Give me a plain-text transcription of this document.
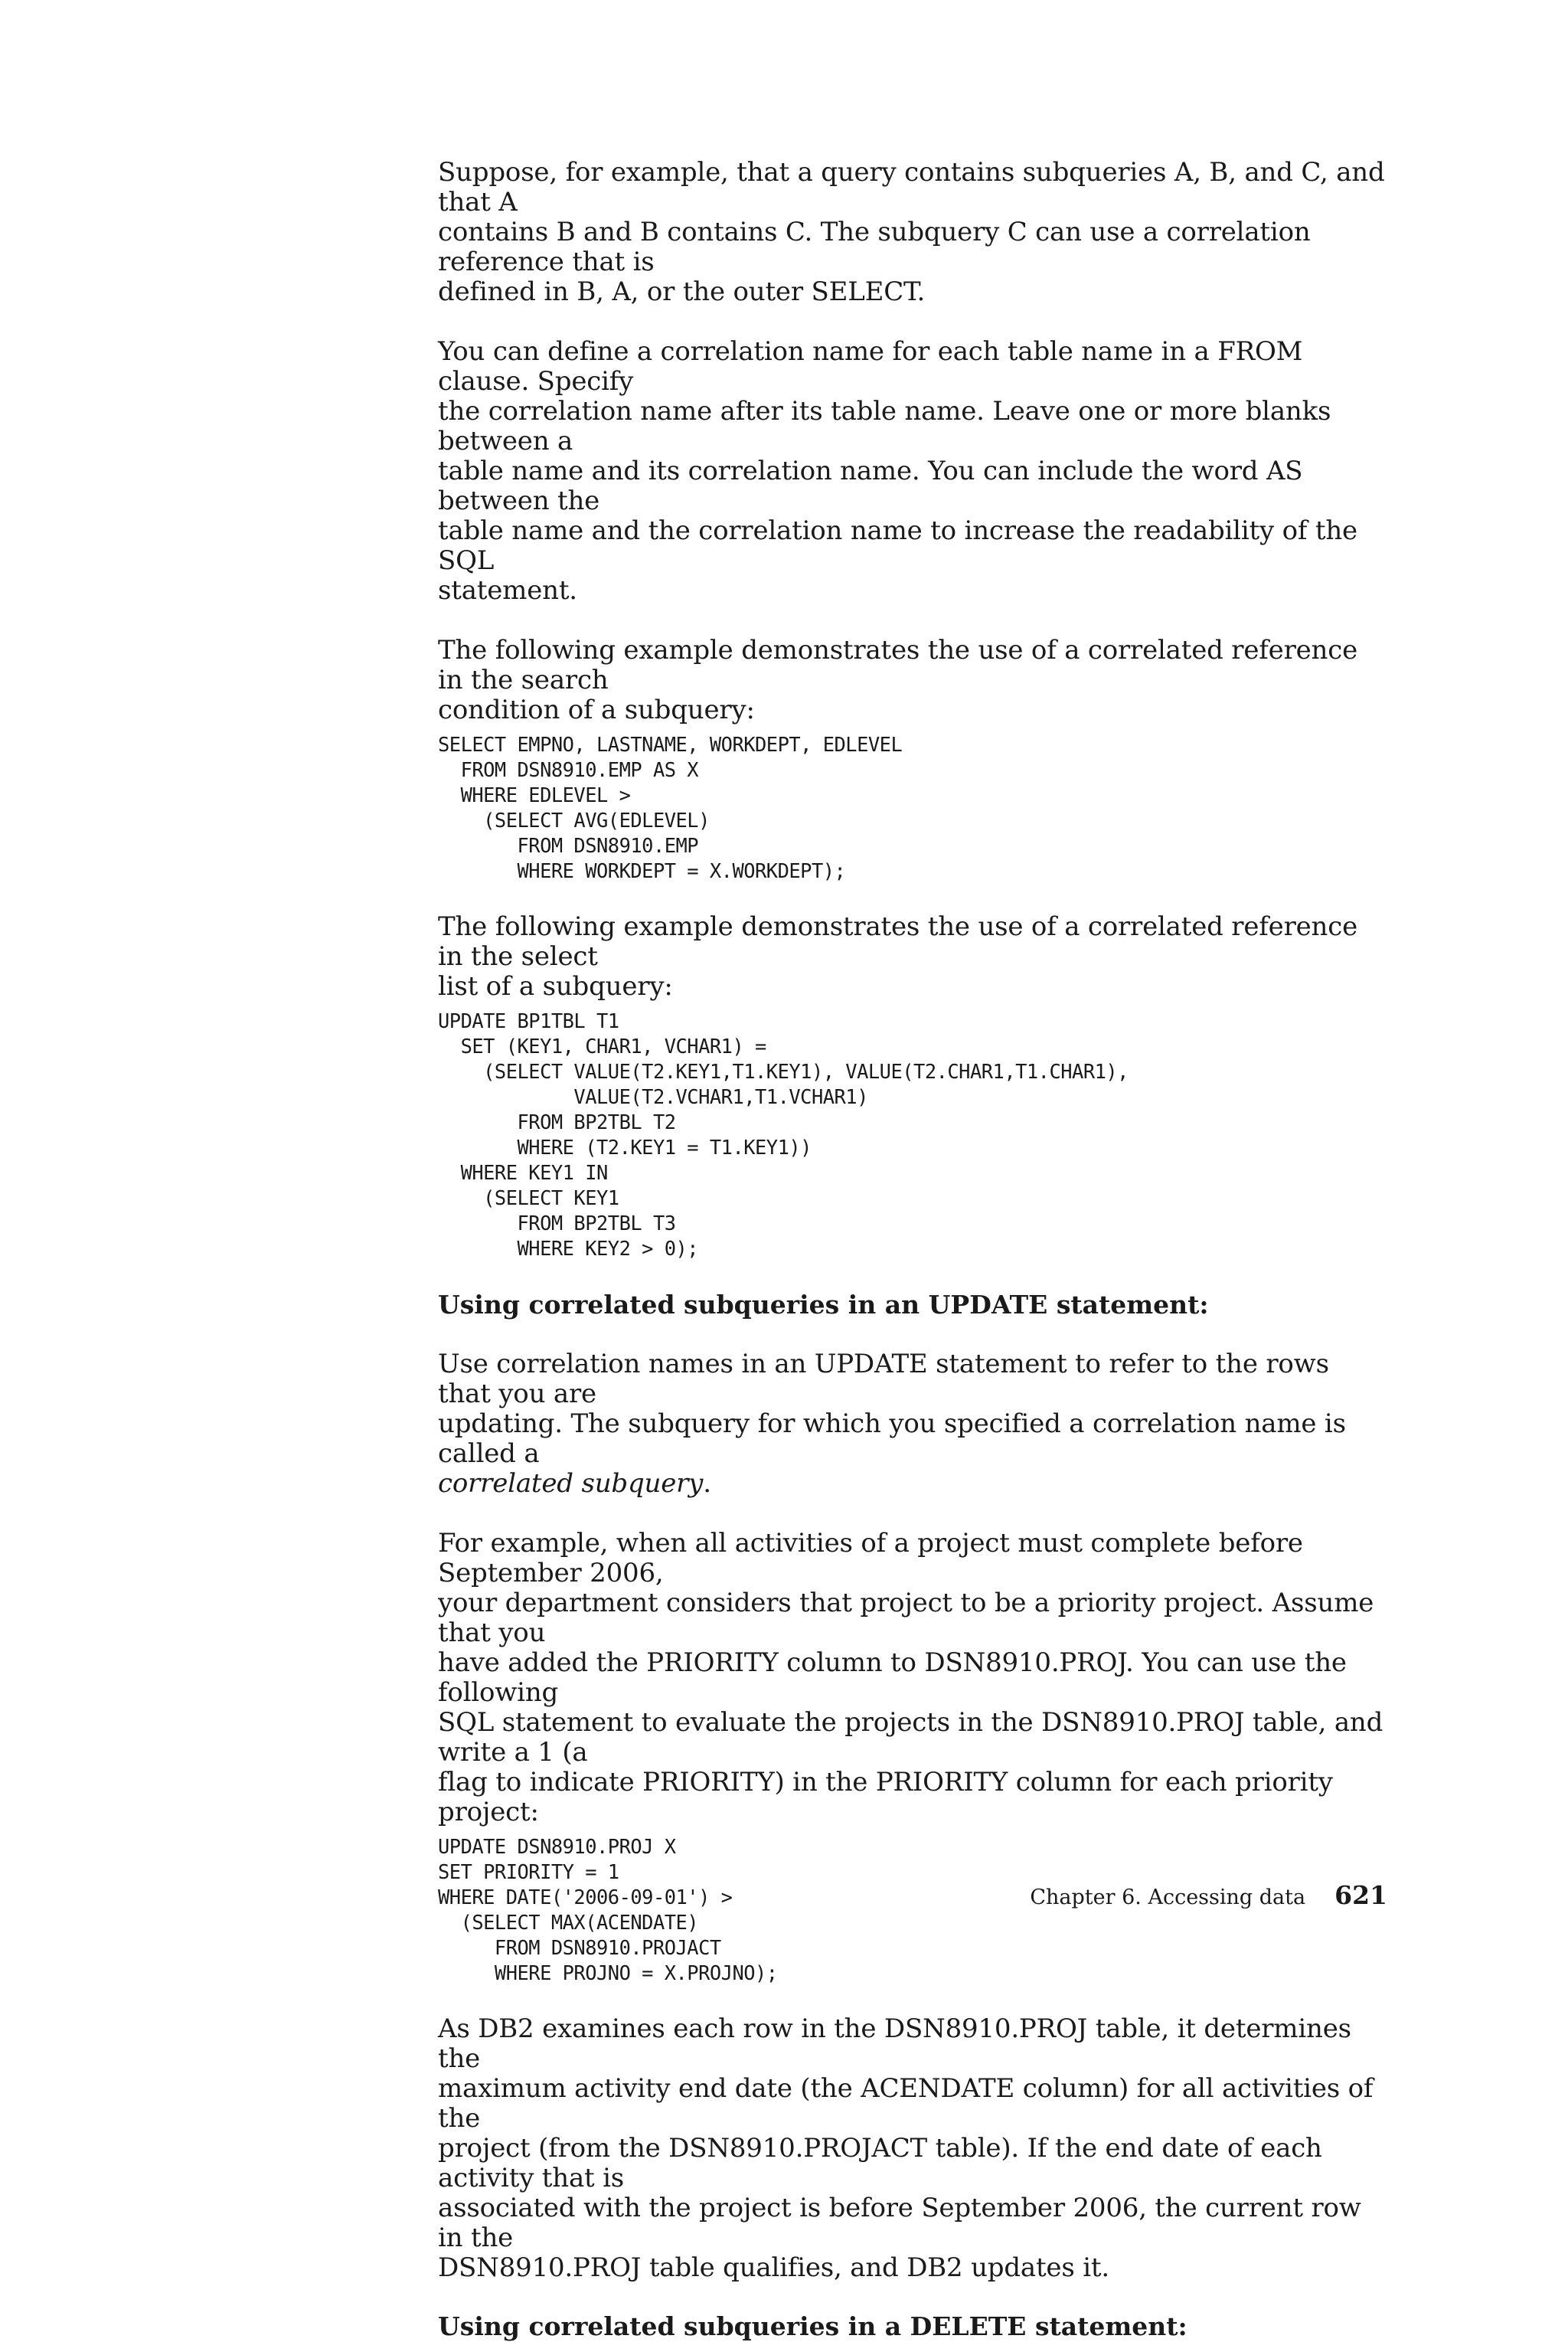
Suppose, for example, that a query contains subqueries A, B, and C, and that A
contains B and B contains C. The subquery C can use a correlation reference that is
defined in B, A, or the outer SELECT.

You can define a correlation name for each table name in a FROM clause. Specify
the correlation name after its table name. Leave one or more blanks between a
table name and its correlation name. You can include the word AS between the
table name and the correlation name to increase the readability of the SQL
statement.

The following example demonstrates the use of a correlated reference in the search
condition of a subquery:

SELECT EMPNO, LASTNAME, WORKDEPT, EDLEVEL
FROM DSN8910.EMP AS X
WHERE EDLEVEL >
(SELECT AVG(EDLEVEL)
FROM DSN8910.EMP
WHERE WORKDEPT = X.WORKDEPT);

The following example demonstrates the use of a correlated reference in the select
list of a subquery:

UPDATE BP1TBL T1
SET (KEY1, CHAR1, VCHAR1) =
(SELECT VALUE(T2.KEY1,T1.KEY1), VALUE(T2.CHAR1,T1.CHAR1),
VALUE(T2.VCHAR1,T1.VCHAR1)
FROM BP2TBL T2
WHERE (T2.KEY1 = T1.KEY1))
WHERE KEY1 IN
(SELECT KEY1
FROM BP2TBL T3
WHERE KEY2 > 0);
Using correlated subqueries in an UPDATE statement:

Use correlation names in an UPDATE statement to refer to the rows that you are
updating. The subquery for which you specified a correlation name is called a
correlated subquery.

For example, when all activities of a project must complete before September 2006,
your department considers that project to be a priority project. Assume that you
have added the PRIORITY column to DSN8910.PROJ. You can use the following
SQL statement to evaluate the projects in the DSN8910.PROJ table, and write a 1 (a
flag to indicate PRIORITY) in the PRIORITY column for each priority project:

UPDATE DSN8910.PROJ X
SET PRIORITY = 1
WHERE DATE('2006-09-01') >
(SELECT MAX(ACENDATE)
FROM DSN8910.PROJACT
WHERE PROJNO = X.PROJNO);

As DB2 examines each row in the DSN8910.PROJ table, it determines the
maximum activity end date (the ACENDATE column) for all activities of the
project (from the DSN8910.PROJACT table). If the end date of each activity that is
associated with the project is before September 2006, the current row in the
DSN8910.PROJ table qualifies, and DB2 updates it.

Using correlated subqueries in a DELETE statement:
Chapter 6. Accessing data 621
